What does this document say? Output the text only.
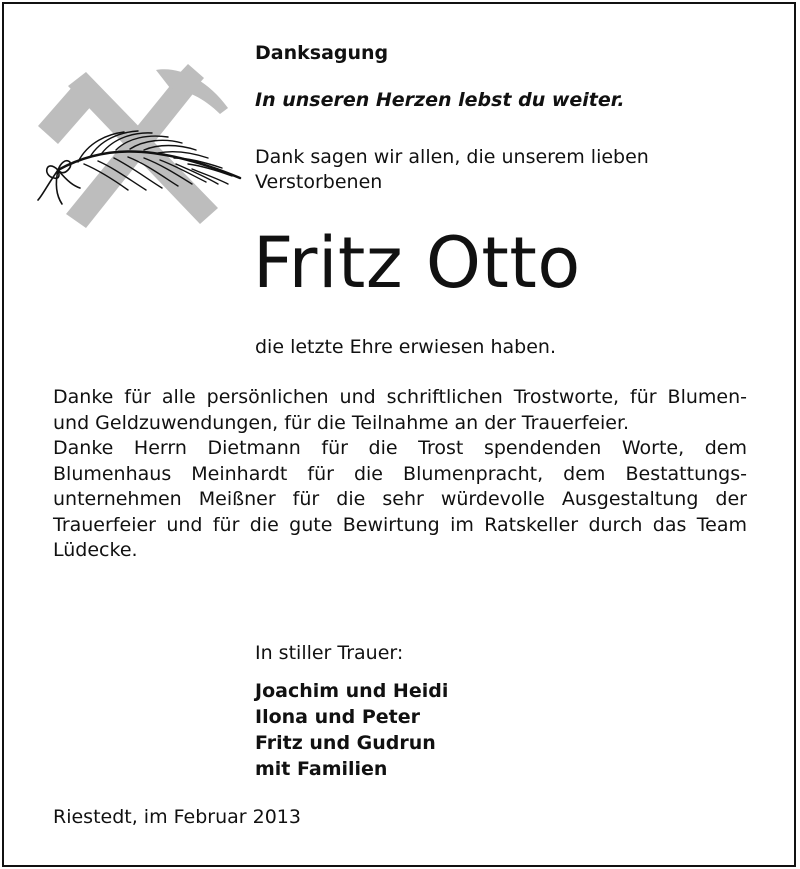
Danksagung
In unseren Herzen lebst du weiter.
Dank sagen wir allen, die unserem lieben Verstorbenen
Fritz Otto
die letzte Ehre erwiesen haben.

Danke für alle persönlichen und schriftlichen Trostworte, für Blumen- und Geldzuwendungen, für die Teilnahme an der Trauerfeier.

Danke Herrn Dietmann für die Trost spendenden Worte, dem Blumenhaus Meinhardt für die Blumenpracht, dem Bestattungsunternehmen Meißner für die sehr würdevolle Ausgestaltung der Trauerfeier und für die gute Bewirtung im Ratskeller durch das Team Lüdecke.

In stiller Trauer:
Joachim und Heidi
Ilona und Peter
Fritz und Gudrun
mit Familien
Riestedt, im Februar 2013
